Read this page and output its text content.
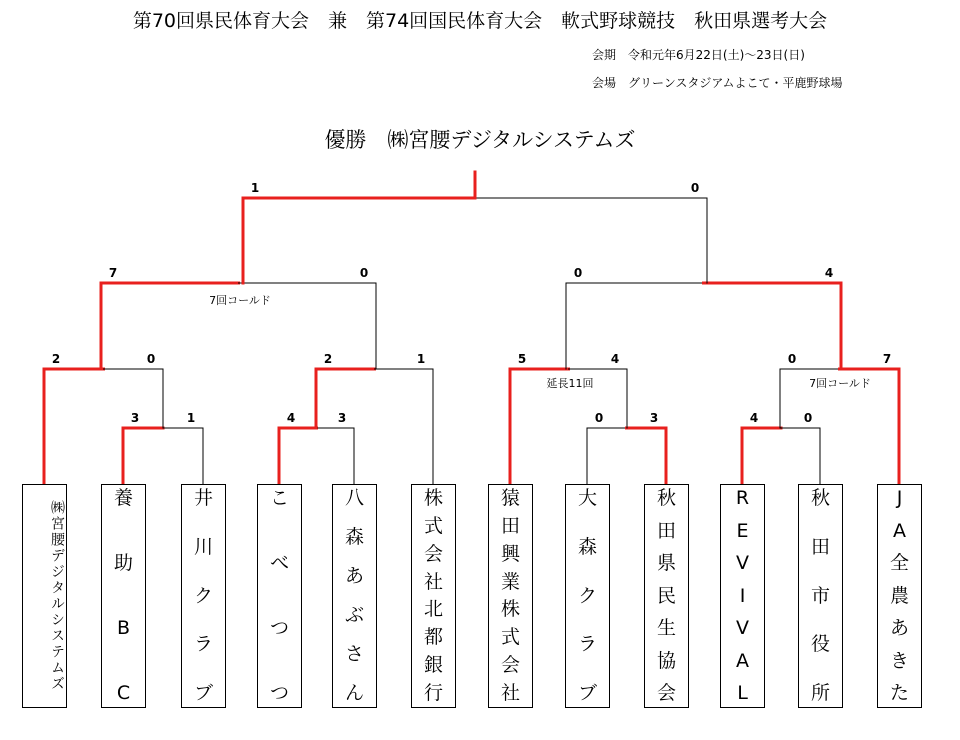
第70回県民体育大会　兼　第74回国民体育大会　軟式野球競技　秋田県選考大会
会期　令和元年6月22日(土)〜23日(日)
会場　グリーンスタジアムよこて・平鹿野球場
優勝　㈱宮腰デジタルシステムズ
3	1	4	3	0	3	4	0
2	0	2	1	5	4	0	7
7	0	0	4
1	0
7回コールド
延長11回	7回コールド
㈱宮腰デジタル
システムズ
養
助
B
C
井
川
ク
ラ
ブ
こ
べ
つ
つ
八
森
あ
ぶ
さ
ん
株
式
会
社
北
都
銀
行
猿
田
興
業
株
式
会
社
大
森
ク
ラ
ブ
秋
田
県
民
生
協
会
R
E
V
I
V
A
L
秋
田
市
役
所
J
A
全
農
あ
き
た
